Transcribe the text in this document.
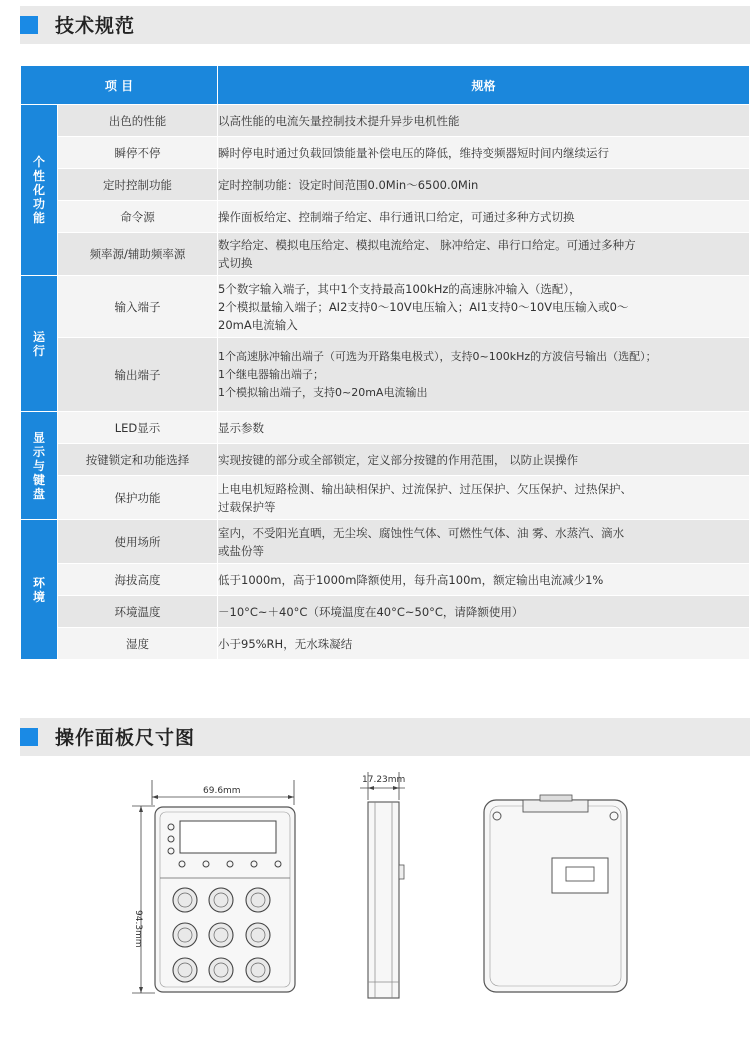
技术规范
项 目		规格
个性化功能	出色的性能	以高性能的电流矢量控制技术提升异步电机性能

	瞬停不停	瞬时停电时通过负载回馈能量补偿电压的降低，维持变频器短时间内继续运行

	定时控制功能	定时控制功能：设定时间范围0.0Min～6500.0Min

	命令源	操作面板给定、控制端子给定、串行通讯口给定，可通过多种方式切换

	频率源/辅助频率源	数字给定、模拟电压给定、模拟电流给定、 脉冲给定、串行口给定。可通过多种方
式切换

运行	输入端子	5个数字输入端子，其中1个支持最高100kHz的高速脉冲输入（选配），
2个模拟量输入端子；AI2支持0～10V电压输入；AI1支持0～10V电压输入或0～
20mA电流输入

	输出端子	1个高速脉冲输出端子（可选为开路集电极式），支持0~100kHz的方波信号输出（选配）；
1个继电器输出端子；
1个模拟输出端子，支持0~20mA电流输出

显示与键盘	LED显示	显示参数

	按键锁定和功能选择	实现按键的部分或全部锁定，定义部分按键的作用范围， 以防止误操作

	保护功能	上电电机短路检测、输出缺相保护、过流保护、过压保护、欠压保护、过热保护、
过载保护等

环境	使用场所	室内，不受阳光直晒，无尘埃、腐蚀性气体、可燃性气体、油 雾、水蒸汽、滴水
或盐份等

	海拔高度	低于1000m，高于1000m降额使用，每升高100m，额定输出电流减少1%

	环境温度	－10°C~＋40°C（环境温度在40°C~50°C，请降额使用）

	湿度	小于95%RH，无水珠凝结
操作面板尺寸图
69.6mm
94.3mm
17.23mm
